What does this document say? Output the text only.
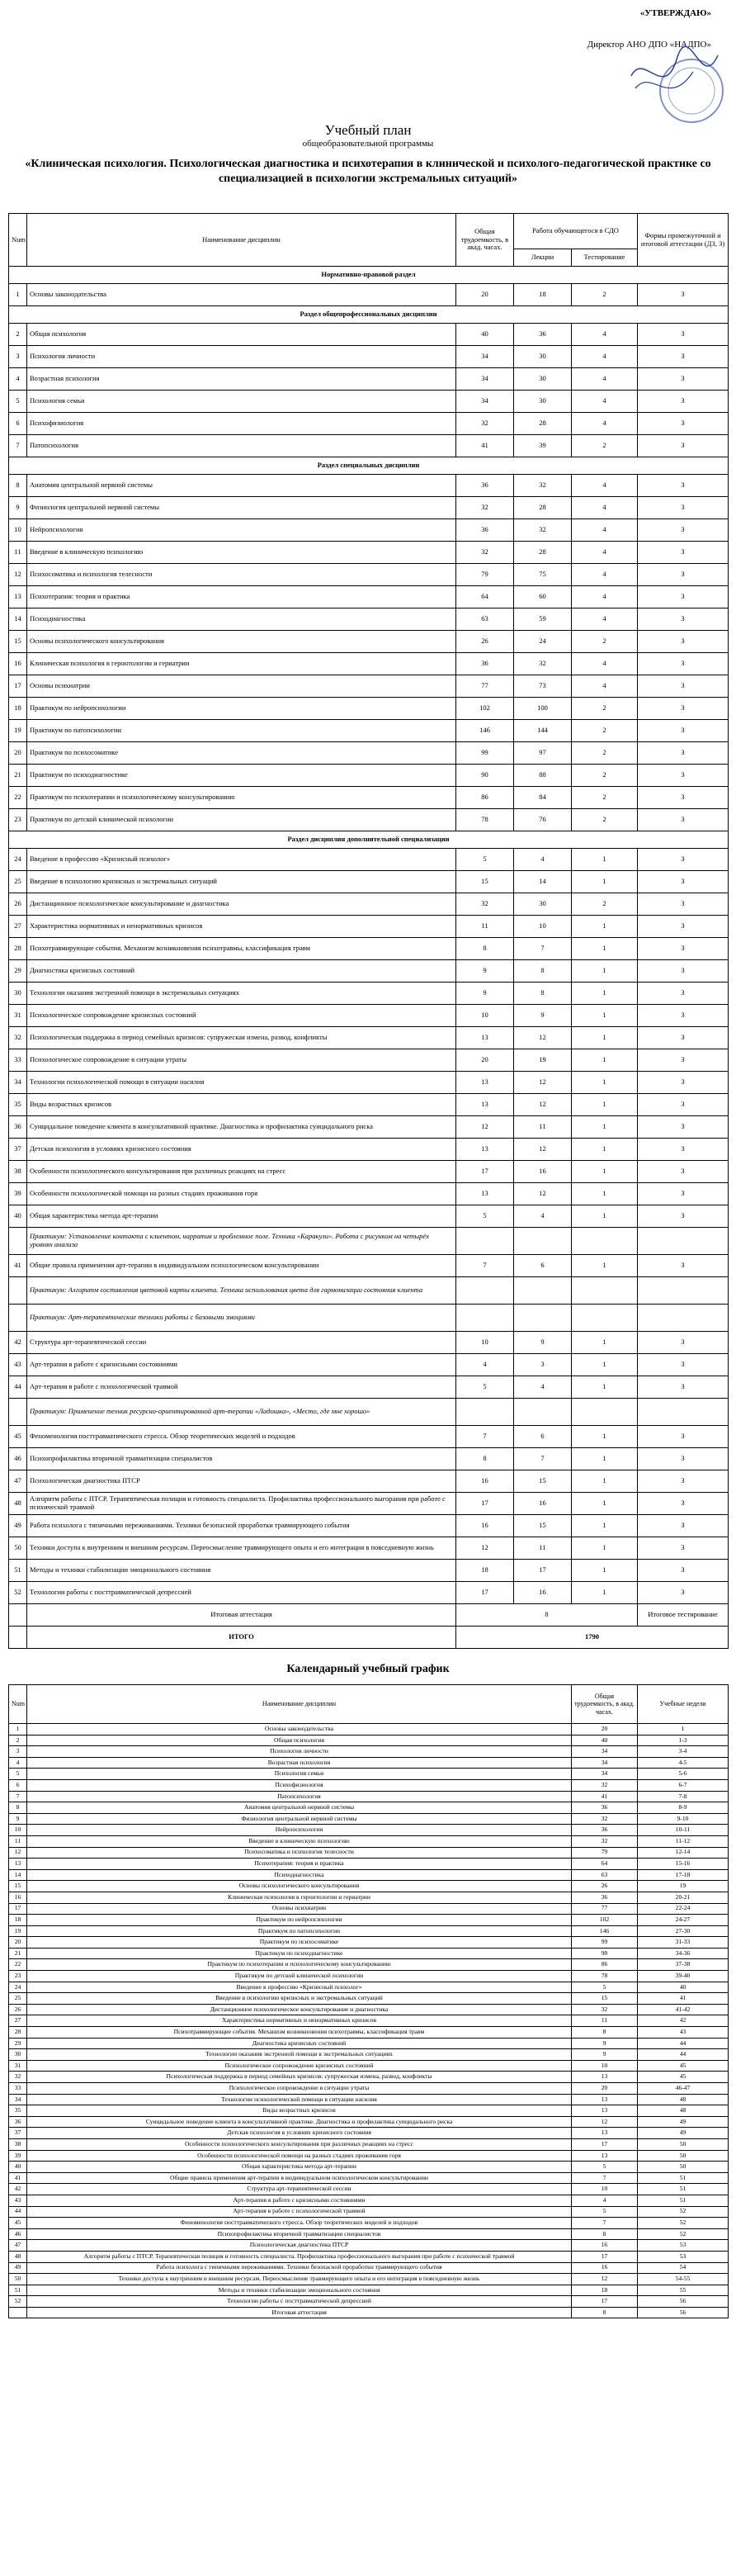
«УТВЕРЖДАЮ»
Директор АНО ДПО «НАДПО»
Учебный план
общеобразовательной программы
«Клиническая психология. Психологическая диагностика и психотерапия в клинической и психолого-педагогической практике со специализацией в психологии экстремальных ситуаций»
Num	Наименование дисциплин	Общая трудоемкость, в акад. часах.	Работа обучающегося в СДО		Формы промежуточной и итоговой аттестации (ДЗ, З)
			Лекции	Тестирование	
Нормативно-правовой раздел					
1	Основы законодательства	20	18	2	З
Раздел общепрофессиональных дисциплин					
2	Общая психология	40	36	4	З
3	Психология личности	34	30	4	З
4	Возрастная психология	34	30	4	З
5	Психология семьи	34	30	4	З
6	Психофизиология	32	28	4	З
7	Патопсихология	41	39	2	З
Раздел специальных дисциплин					
8	Анатомия центральной нервной системы	36	32	4	З
9	Физиология центральной нервной системы	32	28	4	З
10	Нейропсихология	36	32	4	З
11	Введение в клиническую психологию	32	28	4	З
12	Психосоматика и психология телесности	79	75	4	З
13	Психотерапия: теория и практика	64	60	4	З
14	Психодиагностика	63	59	4	З
15	Основы психологического консультирования	26	24	2	З
16	Клиническая психология в геронтологии и гериатрии	36	32	4	З
17	Основы психиатрии	77	73	4	З
18	Практикум по нейропсихологии	102	100	2	З
19	Практикум по патопсихологии	146	144	2	З
20	Практикум по психосоматике	99	97	2	З
21	Практикум по психодиагностике	90	88	2	З
22	Практикум по психотерапии и психологическому консультированию	86	84	2	З
23	Практикум по детской клинической психологии	78	76	2	З
Раздел дисциплин дополнительной специализации					
24	Введение в профессию «Кризисный психолог»	5	4	1	З
25	Введение в психологию кризисных и экстремальных ситуаций	15	14	1	З
26	Дистанционное психологическое консультирование и диагностика	32	30	2	З
27	Характеристика нормативных и ненормативных кризисов	11	10	1	З
28	Психотравмирующие события. Механизм возникновения психотравмы, классификация травм	8	7	1	З
29	Диагностика кризисных состояний	9	8	1	З
30	Технологии оказания экстренной помощи в экстремальных ситуациях	9	8	1	З
31	Психологическое сопровождение кризисных состояний	10	9	1	З
32	Психологическая поддержка в период семейных кризисов: супружеская измена, развод, конфликты	13	12	1	З
33	Психологическое сопровождение в ситуации утраты	20	19	1	З
34	Технологии психологической помощи в ситуации насилия	13	12	1	З
35	Виды возрастных кризисов	13	12	1	З
36	Суицидальное поведение клиента в консультативной практике. Диагностика и профилактика суицидального риска	12	11	1	З
37	Детская психология в условиях кризисного состояния	13	12	1	З
38	Особенности психологического консультирования при различных реакциях на стресс	17	16	1	З
39	Особенности психологической помощи на разных стадиях проживания горя	13	12	1	З
40	Общая характеристика метода арт-терапии	5	4	1	З
	Практикум: Установление контакта с клиентом, нарратив и проблемное поле. Техника «Каракули». Работа с рисунком на четырёх уровнях анализа				
41	Общие правила применения арт-терапии в индивидуальном психологическом консультировании	7	6	1	З
	Практикум: Алгоритм составления цветовой карты клиента. Техника использования цвета для гармонизации состояния клиента				
	Практикум: Арт-терапевтические техники работы с базовыми эмоциями				
42	Структура арт-терапевтической сессии	10	9	1	З
43	Арт-терапия в работе с кризисными состояниями	4	3	1	З
44	Арт-терапия в работе с психологической травмой	5	4	1	З
	Практикум: Применение техник ресурсно-ориентированной арт-терапии «Ладошка», «Место, где мне хорошо»				
45	Феноменология посттравматического стресса. Обзор теоретических моделей и подходов	7	6	1	З
46	Психопрофилактика вторичной травматизации специалистов	8	7	1	З
47	Психологическая диагностика ПТСР	16	15	1	З
48	Алгоритм работы с ПТСР. Терапевтическая позиция и готовность специалиста. Профилактика профессионального выгорания при работе с психической травмой	17	16	1	З
49	Работа психолога с типичными переживаниями. Техники безопасной проработки травмирующего события	16	15	1	З
50	Техники доступа к внутренним и внешним ресурсам. Переосмысление травмирующего опыта и его интеграция в повседневную жизнь	12	11	1	З
51	Методы и техники стабилизации эмоционального состояния	18	17	1	З
52	Технологии работы с посттравматической депрессией	17	16	1	З
	Итоговая аттестация	8			Итоговое тестирование
	ИТОГО	1790			
Календарный учебный график
Num	Наименование дисциплин	Общая трудоемкость, в акад. часах.	Учебные недели
1	Основы законодательства	20	1
2	Общая психология	40	1-3
3	Психология личности	34	3-4
4	Возрастная психология	34	4-5
5	Психология семьи	34	5-6
6	Психофизиология	32	6-7
7	Патопсихология	41	7-8
8	Анатомия центральной нервной системы	36	8-9
9	Физиология центральной нервной системы	32	9-10
10	Нейропсихология	36	10-11
11	Введение в клиническую психологию	32	11-12
12	Психосоматика и психология телесности	79	12-14
13	Психотерапия: теория и практика	64	15-16
14	Психодиагностика	63	17-18
15	Основы психологического консультирования	26	19
16	Клиническая психология в геронтологии и гериатрии	36	20-21
17	Основы психиатрии	77	22-24
18	Практикум по нейропсихологии	102	24-27
19	Практикум по патопсихологии	146	27-30
20	Практикум по психосоматике	99	31-33
21	Практикум по психодиагностике	90	34-36
22	Практикум по психотерапии и психологическому консультированию	86	37-38
23	Практикум по детской клинической психологии	78	39-40
24	Введение в профессию «Кризисный психолог»	5	40
25	Введение в психологию кризисных и экстремальных ситуаций	15	41
26	Дистанционное психологическое консультирование и диагностика	32	41-42
27	Характеристика нормативных и ненормативных кризисов	11	42
28	Психотравмирующие события. Механизм возникновения психотравмы, классификация травм	8	43
29	Диагностика кризисных состояний	9	44
30	Технологии оказания экстренной помощи в экстремальных ситуациях	9	44
31	Психологическое сопровождение кризисных состояний	10	45
32	Психологическая поддержка в период семейных кризисов: супружеская измена, развод, конфликты	13	45
33	Психологическое сопровождение в ситуации утраты	20	46-47
34	Технологии психологической помощи в ситуации насилия	13	48
35	Виды возрастных кризисов	13	48
36	Суицидальное поведение клиента в консультативной практике. Диагностика и профилактика суицидального риска	12	49
37	Детская психология в условиях кризисного состояния	13	49
38	Особенности психологического консультирования при различных реакциях на стресс	17	50
39	Особенности психологической помощи на разных стадиях проживания горя	13	50
40	Общая характеристика метода арт-терапии	5	50
41	Общие правила применения арт-терапии в индивидуальном психологическом консультировании	7	51
42	Структура арт-терапевтической сессии	10	51
43	Арт-терапия в работе с кризисными состояниями	4	51
44	Арт-терапия в работе с психологической травмой	5	52
45	Феноменология посттравматического стресса. Обзор теоретических моделей и подходов	7	52
46	Психопрофилактика вторичной травматизации специалистов	8	52
47	Психологическая диагностика ПТСР	16	53
48	Алгоритм работы с ПТСР. Терапевтическая позиция и готовность специалиста. Профилактика профессионального выгорания при работе с психической травмой	17	53
49	Работа психолога с типичными переживаниями. Техники безопасной проработки травмирующего события	16	54
50	Техники доступа к внутренним и внешним ресурсам. Переосмысление травмирующего опыта и его интеграция в повседневную жизнь	12	54-55
51	Методы и техники стабилизации эмоционального состояния	18	55
52	Технологии работы с посттравматической депрессией	17	56
	Итоговая аттестация	8	56
